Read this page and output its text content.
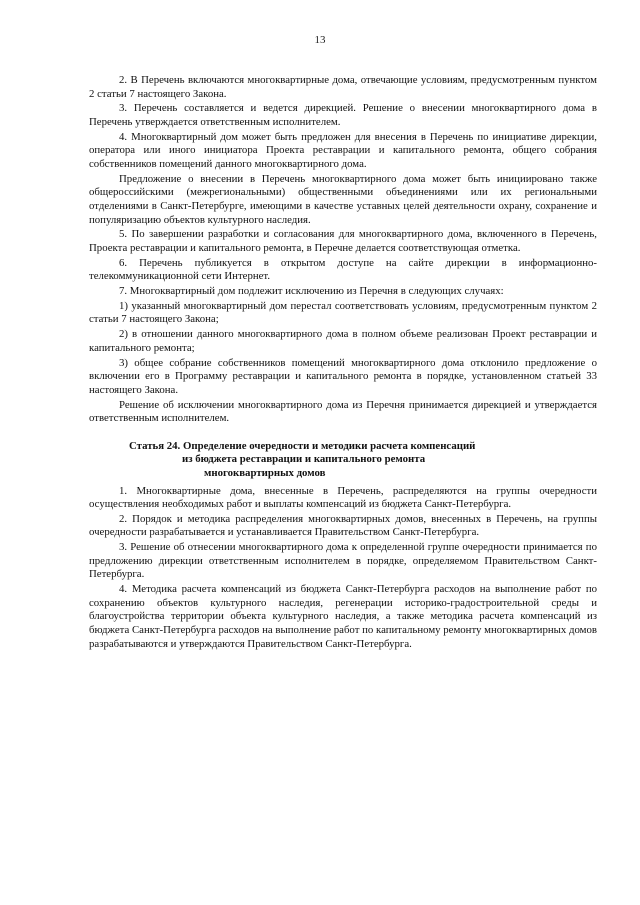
13

2. В Перечень включаются многоквартирные дома, отвечающие условиям, предусмотренным пунктом 2 статьи 7 настоящего Закона.

3. Перечень составляется и ведется дирекцией. Решение о внесении многоквартирного дома в Перечень утверждается ответственным исполнителем.

4. Многоквартирный дом может быть предложен для внесения в Перечень по инициативе дирекции, оператора или иного инициатора Проекта реставрации и капитального ремонта, общего собрания собственников помещений данного многоквартирного дома.

Предложение о внесении в Перечень многоквартирного дома может быть инициировано также общероссийскими (межрегиональными) общественными объединениями или их региональными отделениями в Санкт-Петербурге, имеющими в качестве уставных целей деятельности охрану, сохранение и популяризацию объектов культурного наследия.

5. По завершении разработки и согласования для многоквартирного дома, включенного в Перечень, Проекта реставрации и капитального ремонта, в Перечне делается соответствующая отметка.

6. Перечень публикуется в открытом доступе на сайте дирекции в информационно-телекоммуникационной сети Интернет.

7. Многоквартирный дом подлежит исключению из Перечня в следующих случаях:

1) указанный многоквартирный дом перестал соответствовать условиям, предусмотренным пунктом 2 статьи 7 настоящего Закона;

2) в отношении данного многоквартирного дома в полном объеме реализован Проект реставрации и капитального ремонта;

3) общее собрание собственников помещений многоквартирного дома отклонило предложение о включении его в Программу реставрации и капитального ремонта в порядке, установленном статьей 33 настоящего Закона.

Решение об исключении многоквартирного дома из Перечня принимается дирекцией и утверждается ответственным исполнителем.

Статья 24. Определение очередности и методики расчета компенсаций
из бюджета реставрации и капитального ремонта
многоквартирных домов

1. Многоквартирные дома, внесенные в Перечень, распределяются на группы очередности осуществления необходимых работ и выплаты компенсаций из бюджета Санкт-Петербурга.

2. Порядок и методика распределения многоквартирных домов, внесенных в Перечень, на группы очередности разрабатывается и устанавливается Правительством Санкт-Петербурга.

3. Решение об отнесении многоквартирного дома к определенной группе очередности принимается по предложению дирекции ответственным исполнителем в порядке, определяемом Правительством Санкт-Петербурга.

4. Методика расчета компенсаций из бюджета Санкт-Петербурга расходов на выполнение работ по сохранению объектов культурного наследия, регенерации историко-градостроительной среды и благоустройства территории объекта культурного наследия, а также методика расчета компенсаций из бюджета Санкт-Петербурга расходов на выполнение работ по капитальному ремонту многоквартирных домов разрабатываются и утверждаются Правительством Санкт-Петербурга.
